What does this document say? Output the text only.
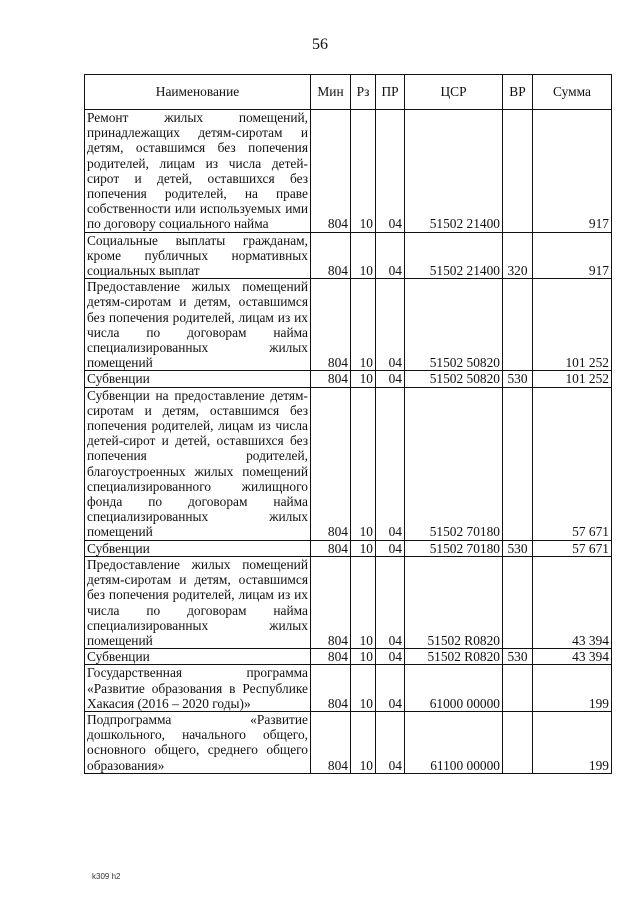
56
Наименование	Мин	Рз	ПР	ЦСР	ВР	Сумма
Ремонт жилых помещений, принадлежащих детям-сиротам и детям, оставшимся без попечения родителей, лицам из числа детей-сирот и детей, оставшихся без попечения родителей, на праве собственности или используемых ими по договору социального найма	804	10	04	51502 21400		917
Социальные выплаты гражданам, кроме публичных нормативных социальных выплат	804	10	04	51502 21400	320	917
Предоставление жилых помещений детям-сиротам и детям, оставшимся без попечения родителей, лицам из их числа по договорам найма специализированных жилых помещений	804	10	04	51502 50820		101 252
Субвенции	804	10	04	51502 50820	530	101 252
Субвенции на предоставление детям-сиротам и детям, оставшимся без попечения родителей, лицам из числа детей-сирот и детей, оставшихся без попечения родителей, благоустроенных жилых помещений специализированного жилищного фонда по договорам найма специализированных жилых помещений	804	10	04	51502 70180		57 671
Субвенции	804	10	04	51502 70180	530	57 671
Предоставление жилых помещений детям-сиротам и детям, оставшимся без попечения родителей, лицам из их числа по договорам найма специализированных жилых помещений	804	10	04	51502 R0820		43 394
Субвенции	804	10	04	51502 R0820	530	43 394
Государственная программа «Развитие образования в Республике Хакасия (2016 – 2020 годы)»	804	10	04	61000 00000		199
Подпрограмма «Развитие дошкольного, начального общего, основного общего, среднего общего образования»	804	10	04	61100 00000		199
k309 h2
